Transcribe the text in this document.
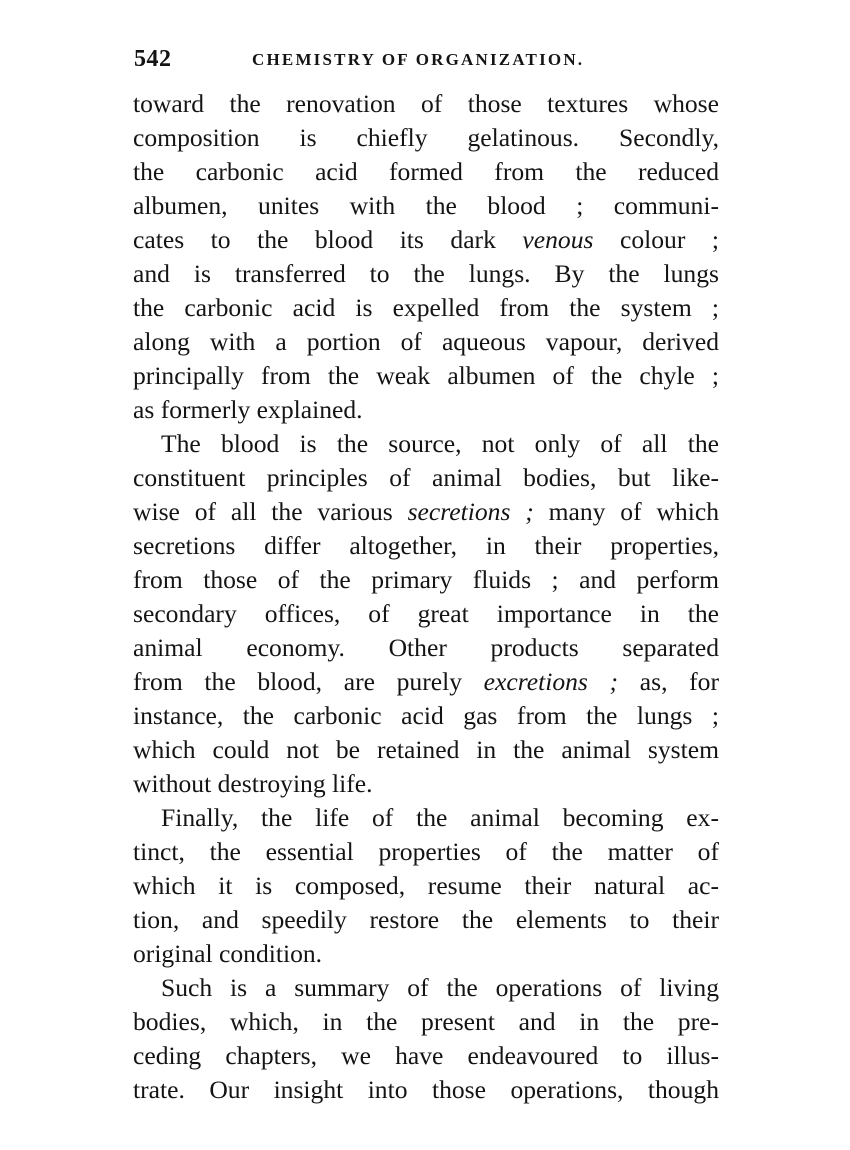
542	CHEMISTRY OF ORGANIZATION.
toward the renovation of those textures whose
composition is chiefly gelatinous. Secondly,
the carbonic acid formed from the reduced
albumen, unites with the blood ; communi-
cates to the blood its dark venous colour ;
and is transferred to the lungs. By the lungs
the carbonic acid is expelled from the system ;
along with a portion of aqueous vapour, derived
principally from the weak albumen of the chyle ;
as formerly explained.
The blood is the source, not only of all the
constituent principles of animal bodies, but like-
wise of all the various secretions ; many of which
secretions differ altogether, in their properties,
from those of the primary fluids ; and perform
secondary offices, of great importance in the
animal economy. Other products separated
from the blood, are purely excretions ; as, for
instance, the carbonic acid gas from the lungs ;
which could not be retained in the animal system
without destroying life.
Finally, the life of the animal becoming ex-
tinct, the essential properties of the matter of
which it is composed, resume their natural ac-
tion, and speedily restore the elements to their
original condition.
Such is a summary of the operations of living
bodies, which, in the present and in the pre-
ceding chapters, we have endeavoured to illus-
trate. Our insight into those operations, though
